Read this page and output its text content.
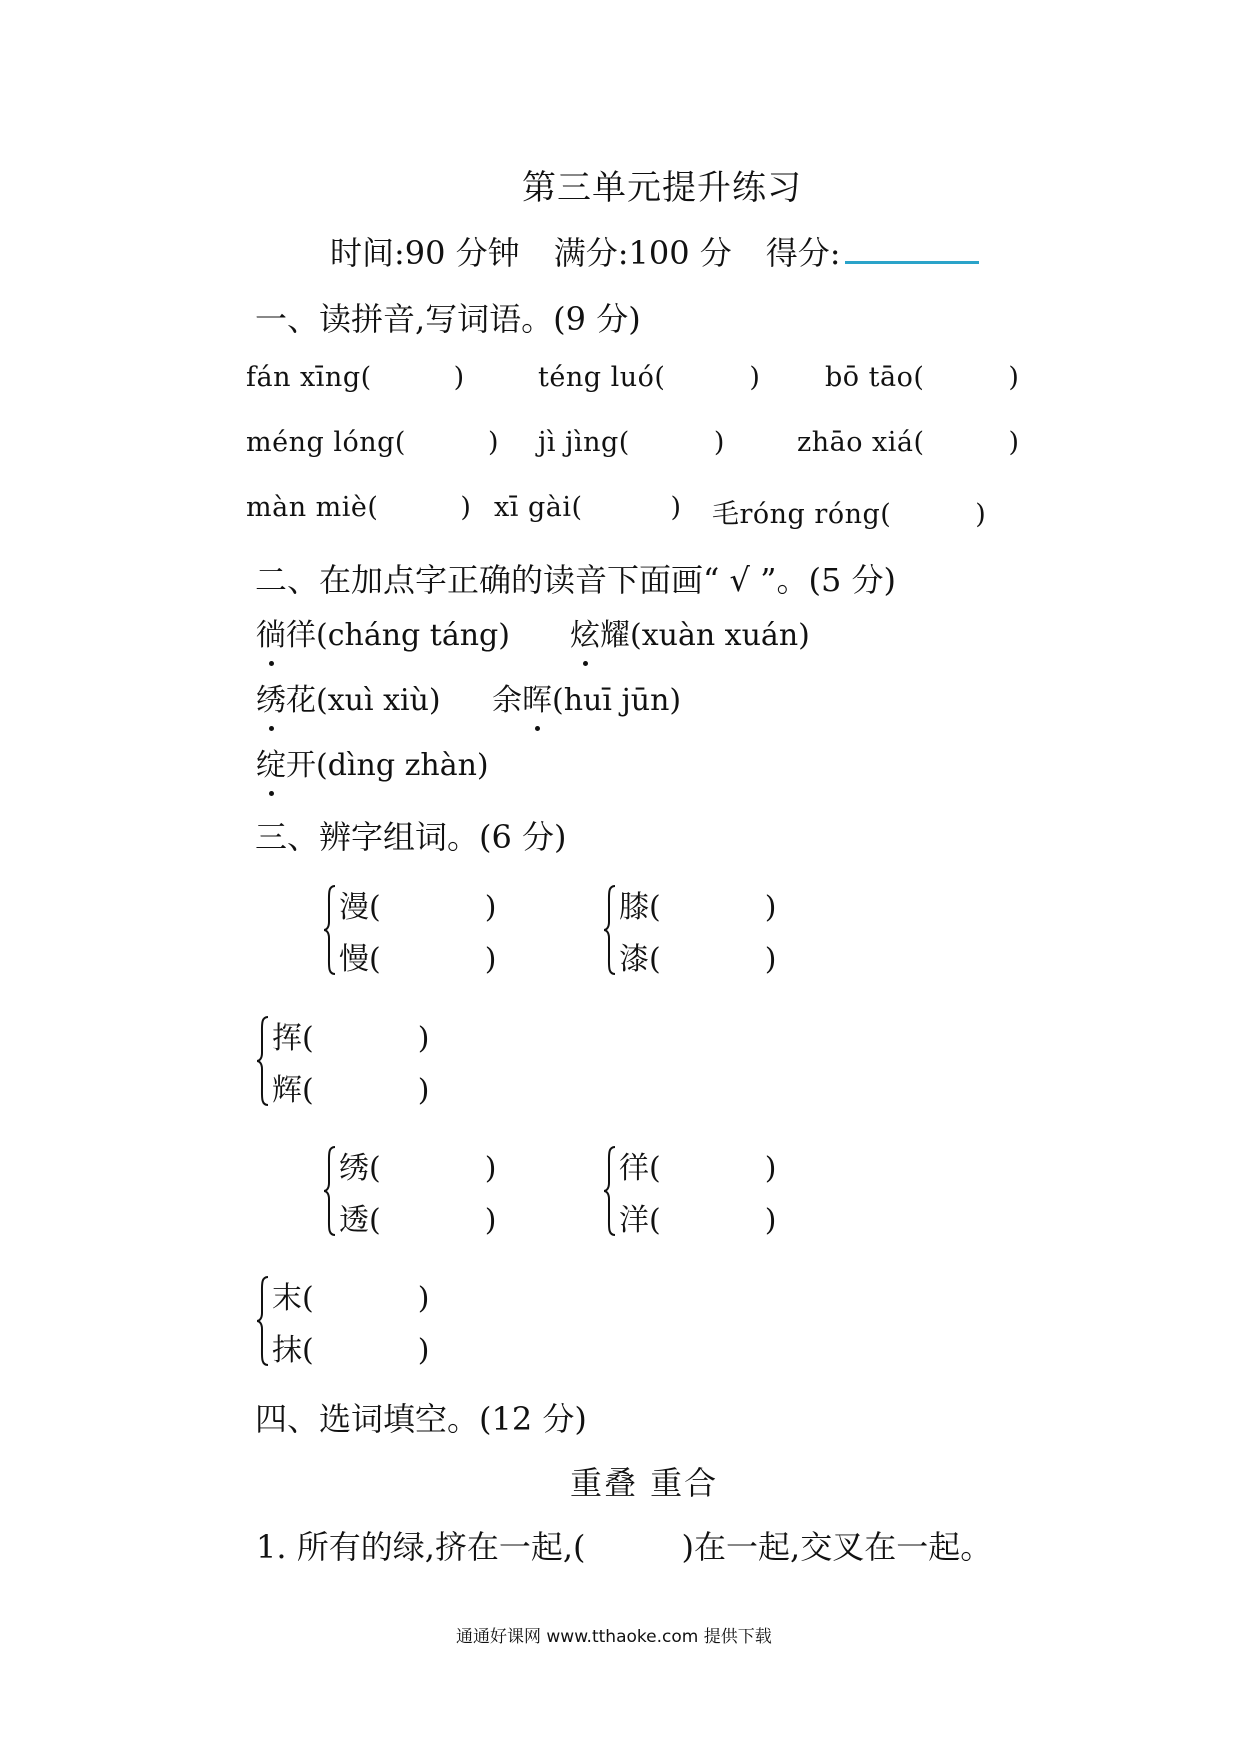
第三单元提升练习
时间:90 分钟 满分:100 分 得分:
一、读拼音,写词语。(9 分)
fán xīng(	)	téng luó(	) bō tāo(	)
méng lóng(	) jì jìng(	)	zhāo xiá(	)
màn miè(	) xī gài(	) 毛róng róng(	)
二、在加点字正确的读音下面画“ √ ”。(5 分)
徜徉(cháng táng) 炫耀(xuàn xuán)
绣花(xuì xiù) 余晖(huī jūn)
绽开(dìng zhàn)
三、辨字组词。(6 分)
漫(	)
慢(	)
膝(	)
漆(	)
挥(	)
辉(	)
绣(	)
透(	)
徉(	)
洋(	)
末(	)
抹(	)
四、选词填空。(12 分)
重叠 重合
1. 所有的绿,挤在一起,(	)在一起,交叉在一起。
通通好课网 www.tthaoke.com 提供下载
